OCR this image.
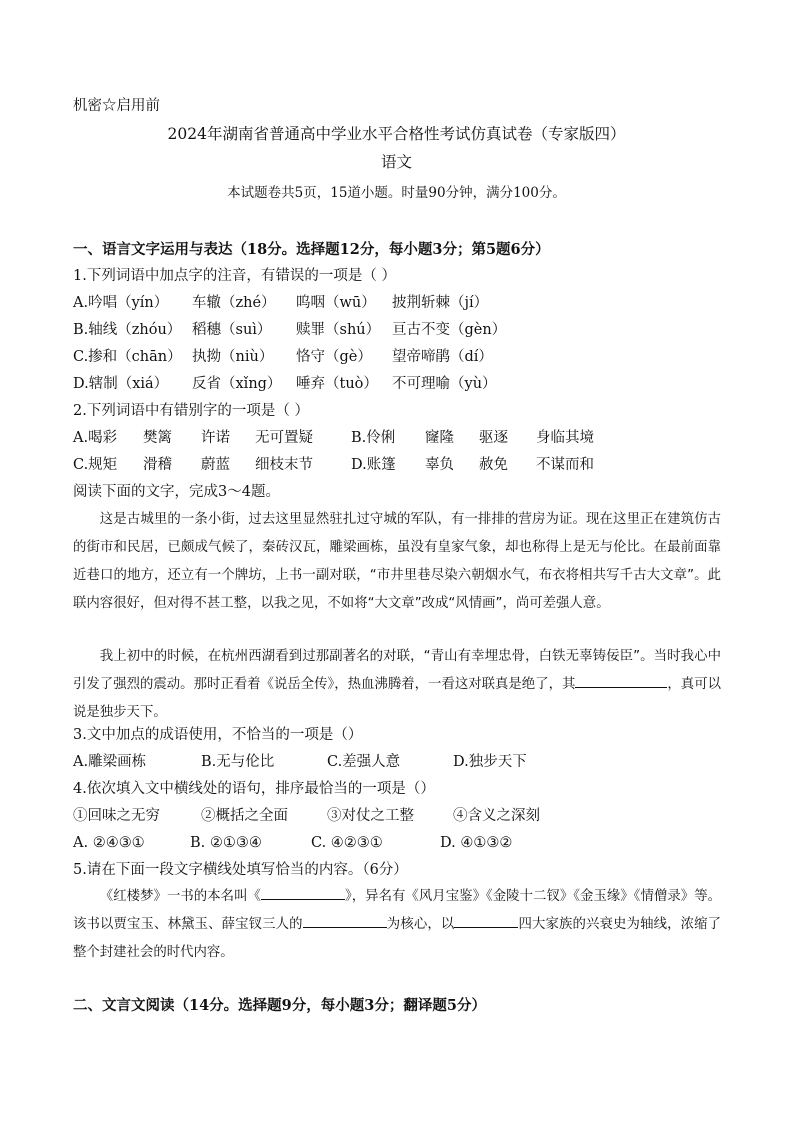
机密☆启用前
2024年湖南省普通高中学业水平合格性考试仿真试卷（专家版四）
语文
本试题卷共5页，15道小题。时量90分钟，满分100分。
一、语言文字运用与表达（18分。选择题12分，每小题3分；第5题6分）
1.下列词语中加点字的注音，有错误的一项是（ ）
A.吟唱（yín） 车辙（zhé） 呜咽（wū） 披荆斩棘（jí）
B.轴线（zhóu） 稻穗（suì） 赎罪（shú） 亘古不变（gèn）
C.掺和（chān） 执拗（niù） 恪守（gè） 望帝啼鹃（dí）
D.辖制（xiá） 反省（xǐng） 唾弃（tuò） 不可理喻（yù）
2.下列词语中有错别字的一项是（ ）
A.喝彩 樊篱 许诺 无可置疑	B.伶俐 窿隆 驱逐 身临其境
C.规矩 滑稽 蔚蓝 细枝末节	D.账篷 辜负 赦免 不谋而和
阅读下面的文字，完成3～4题。
这是古城里的一条小街，过去这里显然驻扎过守城的军队，有一排排的营房为证。现在这里正在建筑仿古的街市和民居，已颇成气候了，秦砖汉瓦，雕梁画栋，虽没有皇家气象，却也称得上是无与伦比。在最前面靠近巷口的地方，还立有一个牌坊，上书一副对联，“市井里巷尽染六朝烟水气，布衣将相共写千古大文章”。此联内容很好，但对得不甚工整，以我之见，不如将“大文章”改成“风情画”，尚可差强人意。
我上初中的时候，在杭州西湖看到过那副著名的对联，“青山有幸埋忠骨，白铁无辜铸佞臣”。当时我心中引发了强烈的震动。那时正看着《说岳全传》，热血沸腾着，一看这对联真是绝了，其	，真可以说是独步天下。
3.文中加点的成语使用，不恰当的一项是（）
A.雕梁画栋	B.无与伦比	C.差强人意	D.独步天下
4.依次填入文中横线处的语句，排序最恰当的一项是（）
①回味之无穷	②概括之全面	③对仗之工整	④含义之深刻
A. ②④③①	B. ②①③④	C. ④②③①	D. ④①③②
5.请在下面一段文字横线处填写恰当的内容。（6分）
《红楼梦》一书的本名叫《	》，异名有《风月宝鉴》《金陵十二钗》《金玉缘》《情僧录》等。该书以贾宝玉、林黛玉、薛宝钗三人的	为核心，以	四大家族的兴衰史为轴线，浓缩了整个封建社会的时代内容。
二、文言文阅读（14分。选择题9分，每小题3分；翻译题5分）
